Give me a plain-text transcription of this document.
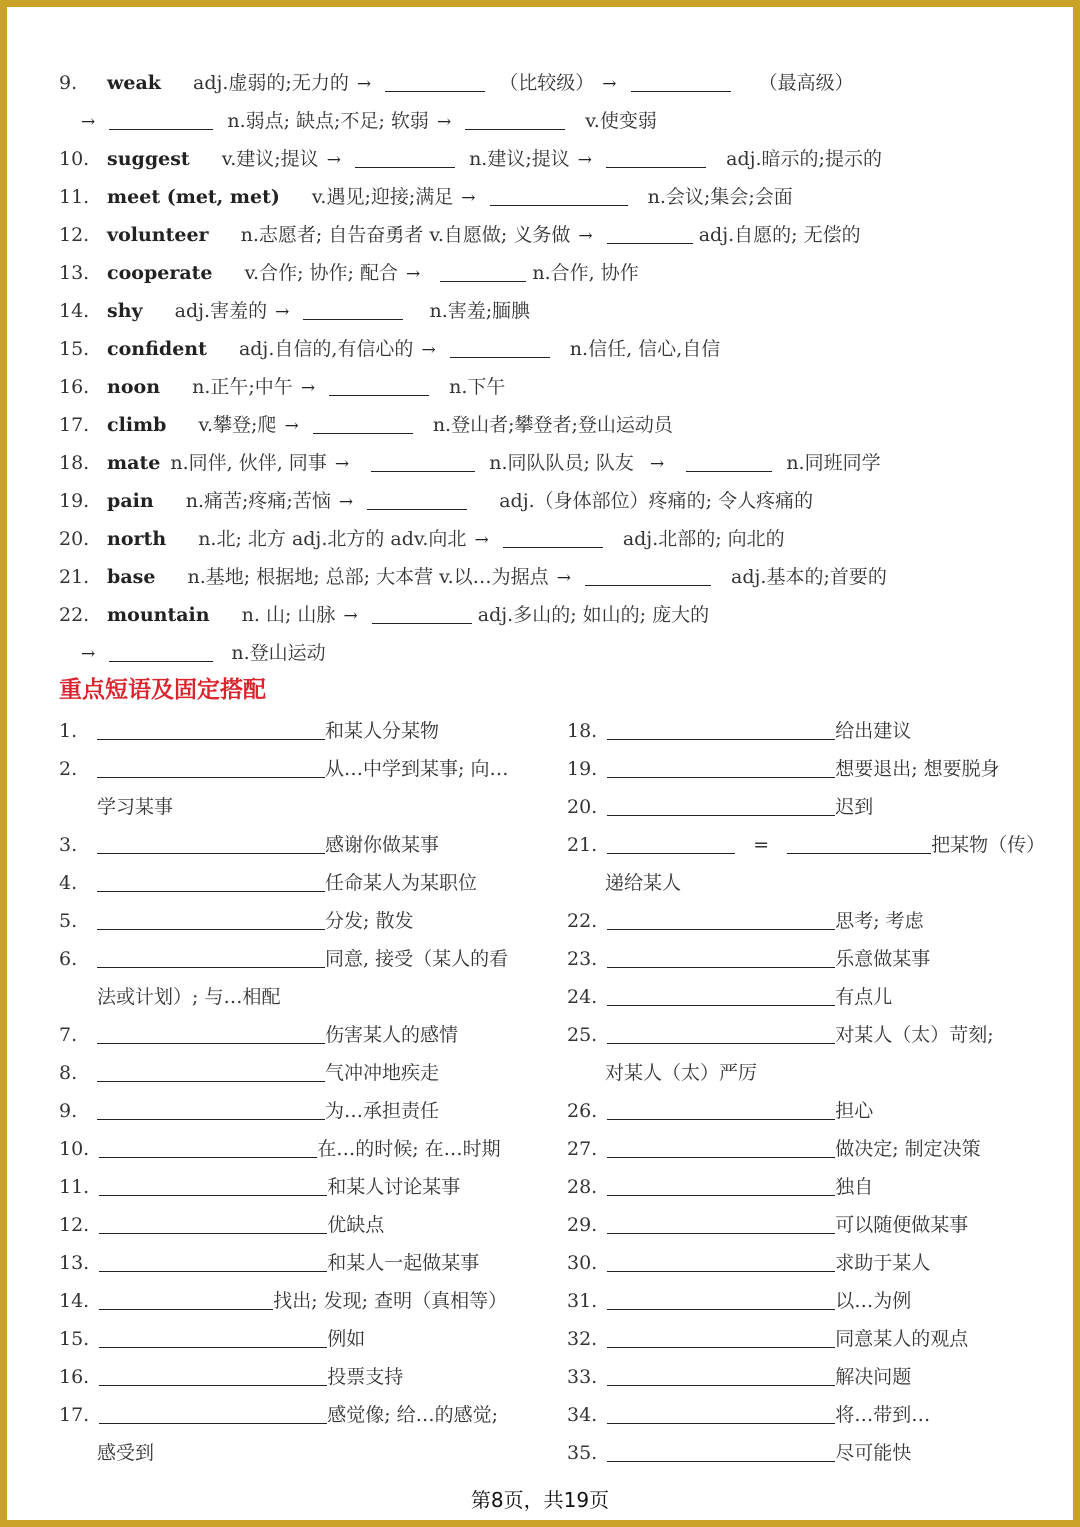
9. weak adj.虚弱的;无力的 →	（比较级） →	（最高级）
→	n.弱点; 缺点;不足; 软弱 →	v.使变弱
10. suggest v.建议;提议 →	n.建议;提议 →	adj.暗示的;提示的
11. meet (met, met) v.遇见;迎接;满足 →	n.会议;集会;会面
12. volunteer n.志愿者; 自告奋勇者 v.自愿做; 义务做 →	adj.自愿的; 无偿的
13. cooperate v.合作; 协作; 配合 →	n.合作, 协作
14. shy adj.害羞的 →	n.害羞;腼腆
15. confident adj.自信的,有信心的 →	n.信任, 信心,自信
16. noon n.正午;中午 →	n.下午
17. climb v.攀登;爬 →	n.登山者;攀登者;登山运动员
18. mate n.同伴, 伙伴, 同事 →	n.同队队员; 队友 →	n.同班同学
19. pain n.痛苦;疼痛;苦恼 →	adj.（身体部位）疼痛的; 令人疼痛的
20. north n.北; 北方 adj.北方的 adv.向北 →	adj.北部的; 向北的
21. base n.基地; 根据地; 总部; 大本营 v.以…为据点 →	adj.基本的;首要的
22. mountain n. 山; 山脉 →	adj.多山的; 如山的; 庞大的
→	n.登山运动
重点短语及固定搭配
1.	和某人分某物
2.	从…中学到某事; 向…
学习某事
3.	感谢你做某事
4.	任命某人为某职位
5.	分发; 散发
6.	同意, 接受（某人的看
法或计划）; 与…相配
7.	伤害某人的感情
8.	气冲冲地疾走
9.	为…承担责任
10.	在…的时候; 在…时期
11.	和某人讨论某事
12.	优缺点
13.	和某人一起做某事
14.	找出; 发现; 查明（真相等）
15.	例如
16.	投票支持
17.	感觉像; 给…的感觉;
感受到
18.	给出建议
19.	想要退出; 想要脱身
20.	迟到
21.	=	把某物（传）
递给某人
22.	思考; 考虑
23.	乐意做某事
24.	有点儿
25.	对某人（太）苛刻;
对某人（太）严厉
26.	担心
27.	做决定; 制定决策
28.	独自
29.	可以随便做某事
30.	求助于某人
31.	以…为例
32.	同意某人的观点
33.	解决问题
34.	将…带到…
35.	尽可能快
第8页，共19页
